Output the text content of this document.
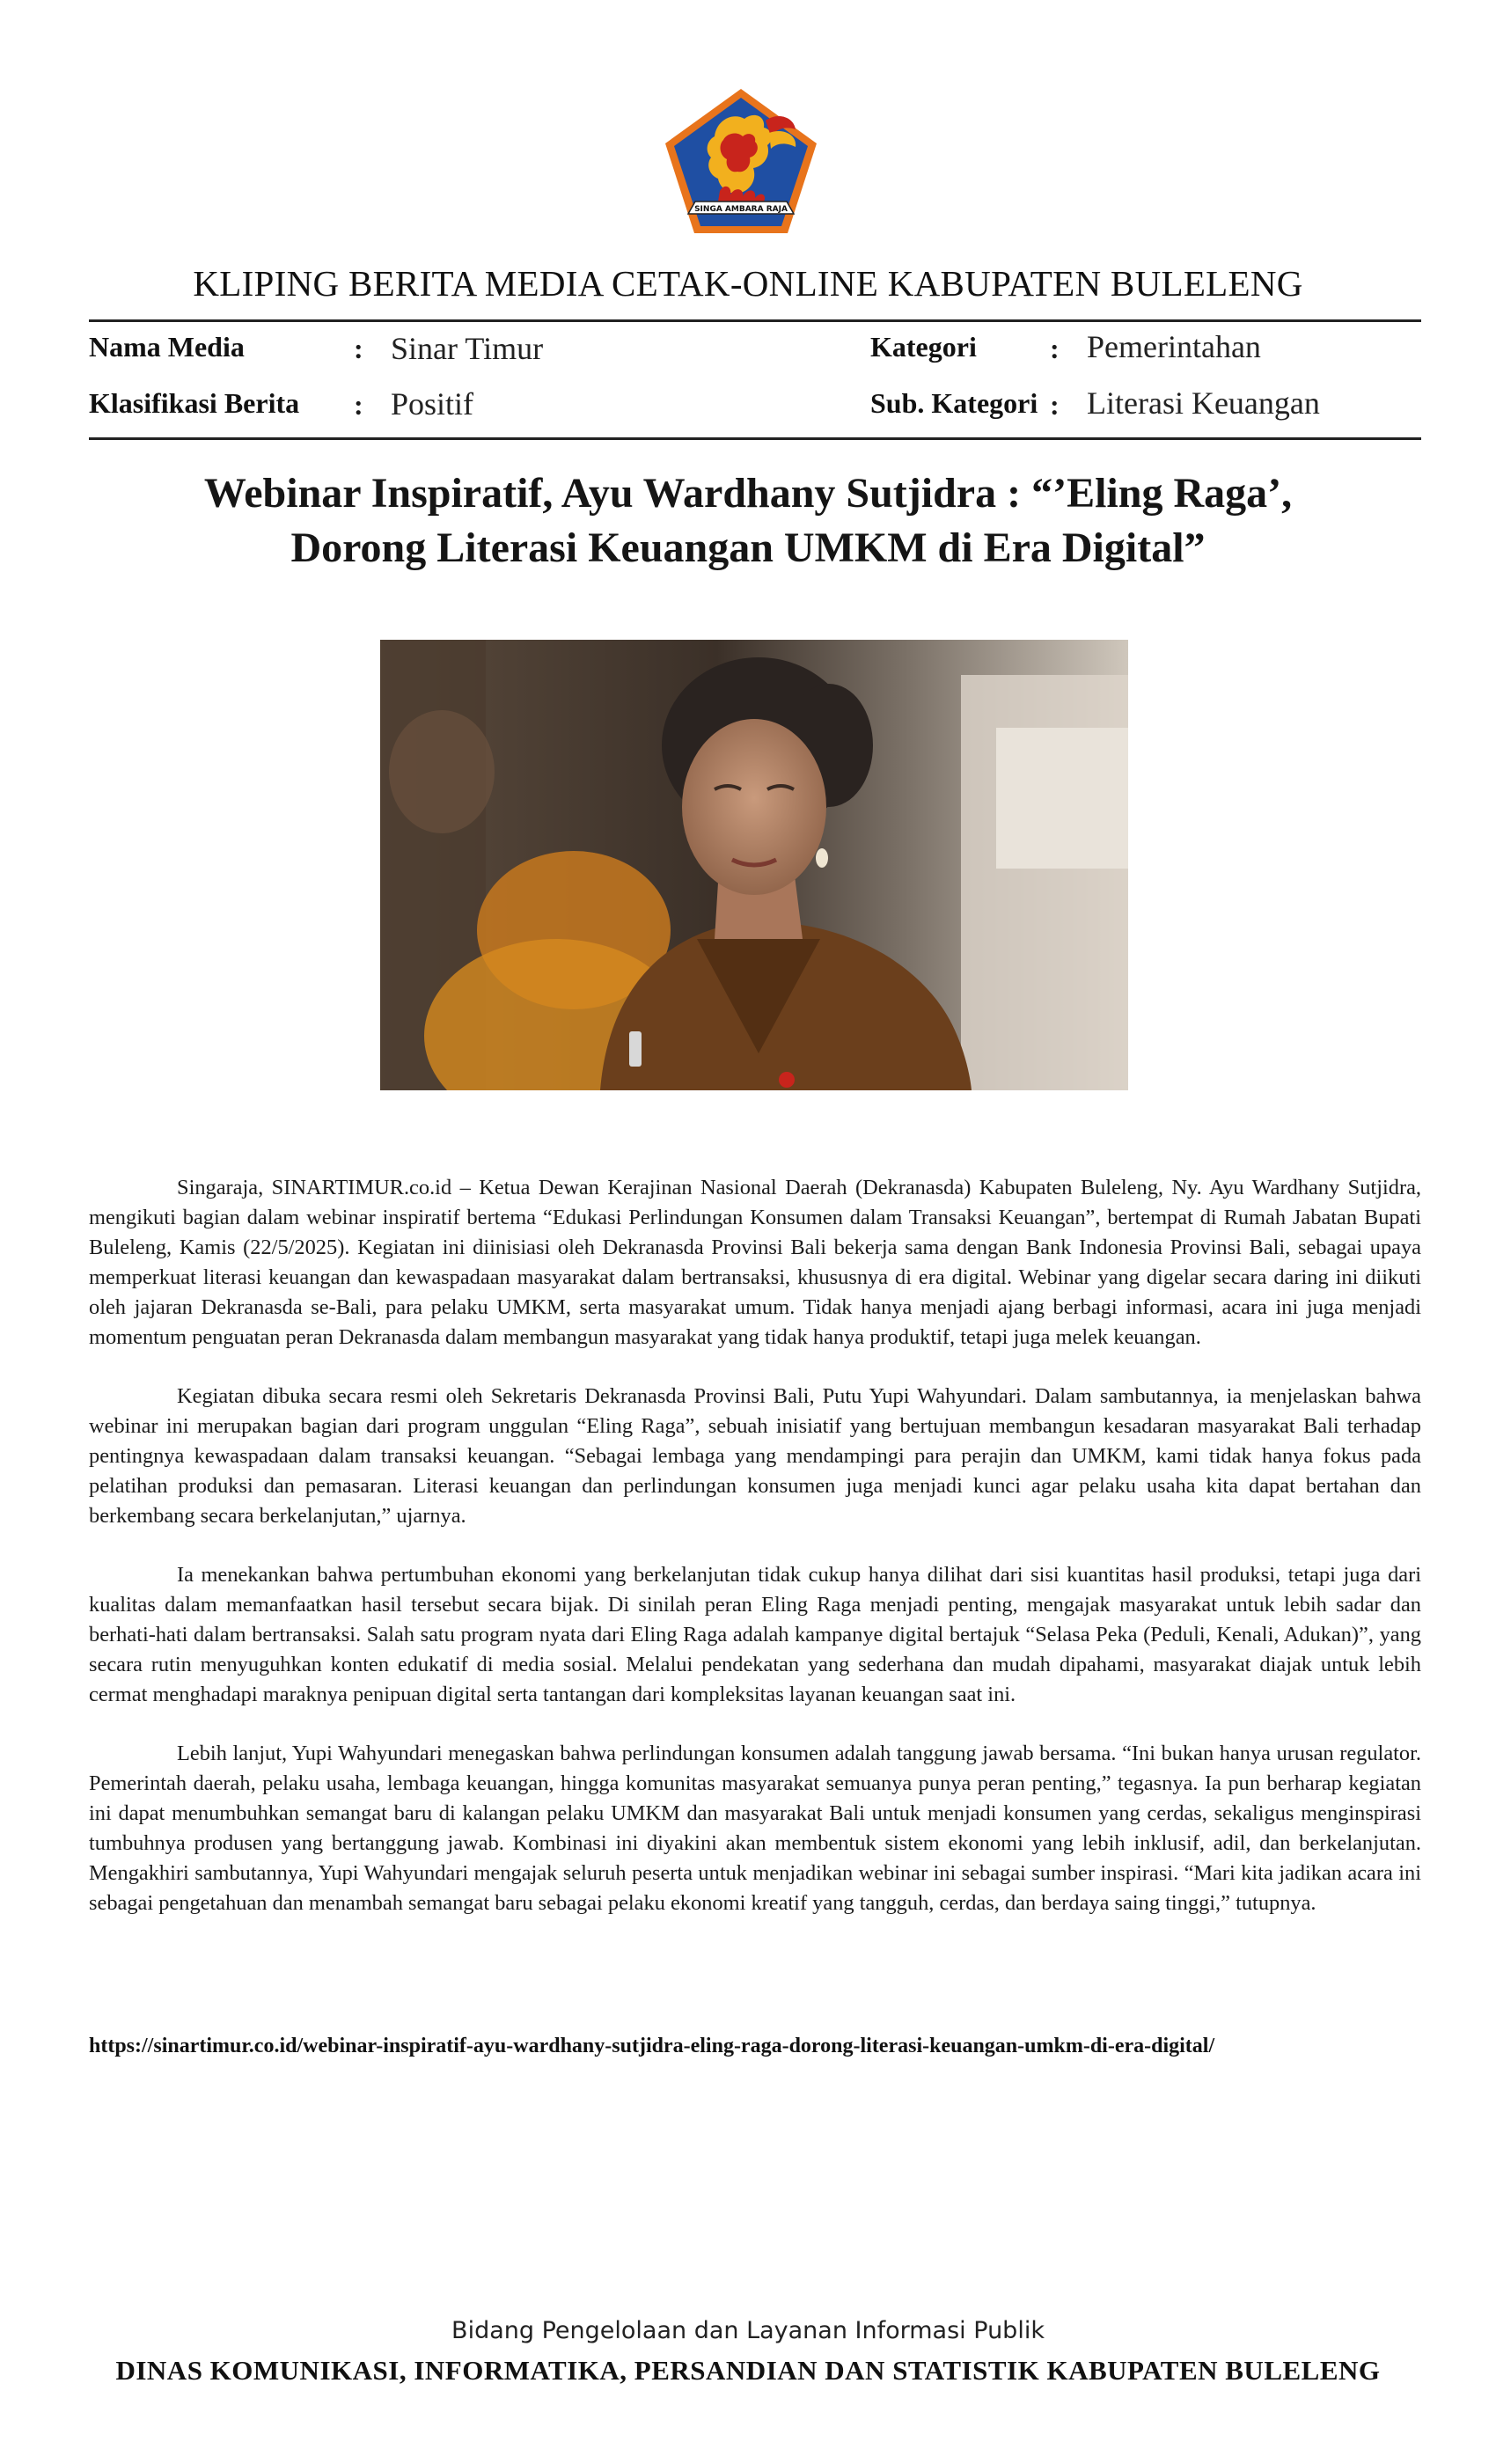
SINGA AMBARA RAJA
KLIPING BERITA MEDIA CETAK-ONLINE KABUPATEN BULELENG
Nama Media	: Sinar Timur
Klasifikasi Berita : Positif
Kategori	: Pemerintahan
Sub. Kategori : Literasi Keuangan
Webinar Inspiratif, Ayu Wardhany Sutjidra : “’Eling Raga’,
Dorong Literasi Keuangan UMKM di Era Digital”

Singaraja, SINARTIMUR.co.id – Ketua Dewan Kerajinan Nasional Daerah (Dekranasda) Kabupaten Buleleng, Ny. Ayu Wardhany Sutjidra, mengikuti bagian dalam webinar inspiratif bertema “Edukasi Perlindungan Konsumen dalam Transaksi Keuangan”, bertempat di Rumah Jabatan Bupati Buleleng, Kamis (22/5/2025). Kegiatan ini diinisiasi oleh Dekranasda Provinsi Bali bekerja sama dengan Bank Indonesia Provinsi Bali, sebagai upaya memperkuat literasi keuangan dan kewaspadaan masyarakat dalam bertransaksi, khususnya di era digital. Webinar yang digelar secara daring ini diikuti oleh jajaran Dekranasda se-Bali, para pelaku UMKM, serta masyarakat umum. Tidak hanya menjadi ajang berbagi informasi, acara ini juga menjadi momentum penguatan peran Dekranasda dalam membangun masyarakat yang tidak hanya produktif, tetapi juga melek keuangan.

Kegiatan dibuka secara resmi oleh Sekretaris Dekranasda Provinsi Bali, Putu Yupi Wahyundari. Dalam sambutannya, ia menjelaskan bahwa webinar ini merupakan bagian dari program unggulan “Eling Raga”, sebuah inisiatif yang bertujuan membangun kesadaran masyarakat Bali terhadap pentingnya kewaspadaan dalam transaksi keuangan. “Sebagai lembaga yang mendampingi para perajin dan UMKM, kami tidak hanya fokus pada pelatihan produksi dan pemasaran. Literasi keuangan dan perlindungan konsumen juga menjadi kunci agar pelaku usaha kita dapat bertahan dan berkembang secara berkelanjutan,” ujarnya.

Ia menekankan bahwa pertumbuhan ekonomi yang berkelanjutan tidak cukup hanya dilihat dari sisi kuantitas hasil produksi, tetapi juga dari kualitas dalam memanfaatkan hasil tersebut secara bijak. Di sinilah peran Eling Raga menjadi penting, mengajak masyarakat untuk lebih sadar dan berhati-hati dalam bertransaksi. Salah satu program nyata dari Eling Raga adalah kampanye digital bertajuk “Selasa Peka (Peduli, Kenali, Adukan)”, yang secara rutin menyuguhkan konten edukatif di media sosial. Melalui pendekatan yang sederhana dan mudah dipahami, masyarakat diajak untuk lebih cermat menghadapi maraknya penipuan digital serta tantangan dari kompleksitas layanan keuangan saat ini.

Lebih lanjut, Yupi Wahyundari menegaskan bahwa perlindungan konsumen adalah tanggung jawab bersama. “Ini bukan hanya urusan regulator. Pemerintah daerah, pelaku usaha, lembaga keuangan, hingga komunitas masyarakat semuanya punya peran penting,” tegasnya. Ia pun berharap kegiatan ini dapat menumbuhkan semangat baru di kalangan pelaku UMKM dan masyarakat Bali untuk menjadi konsumen yang cerdas, sekaligus menginspirasi tumbuhnya produsen yang bertanggung jawab. Kombinasi ini diyakini akan membentuk sistem ekonomi yang lebih inklusif, adil, dan berkelanjutan. Mengakhiri sambutannya, Yupi Wahyundari mengajak seluruh peserta untuk menjadikan webinar ini sebagai sumber inspirasi. “Mari kita jadikan acara ini sebagai pengetahuan dan menambah semangat baru sebagai pelaku ekonomi kreatif yang tangguh, cerdas, dan berdaya saing tinggi,” tutupnya.

https://sinartimur.co.id/webinar-inspiratif-ayu-wardhany-sutjidra-eling-raga-dorong-literasi-keuangan-umkm-di-era-digital/
Bidang Pengelolaan dan Layanan Informasi Publik
DINAS KOMUNIKASI, INFORMATIKA, PERSANDIAN DAN STATISTIK KABUPATEN BULELENG
